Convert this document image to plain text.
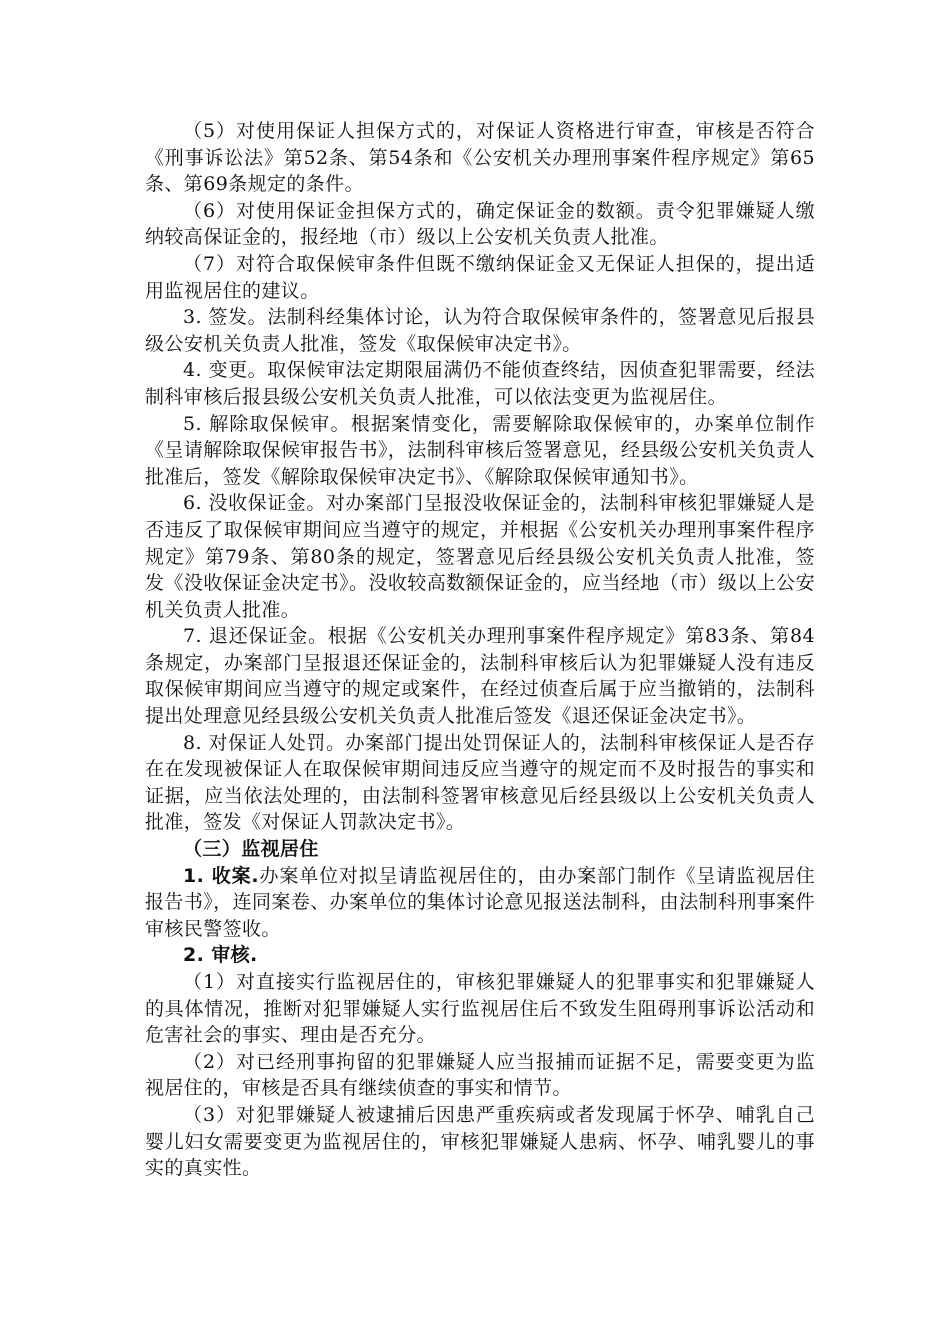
（5）对使用保证人担保方式的，对保证人资格进行审查，审核是否符合《刑事诉讼法》第52条、第54条和《公安机关办理刑事案件程序规定》第65条、第69条规定的条件。

（6）对使用保证金担保方式的，确定保证金的数额。责令犯罪嫌疑人缴纳较高保证金的，报经地（市）级以上公安机关负责人批准。

（7）对符合取保候审条件但既不缴纳保证金又无保证人担保的，提出适用监视居住的建议。

3. 签发。法制科经集体讨论，认为符合取保候审条件的，签署意见后报县级公安机关负责人批准，签发《取保候审决定书》。

4. 变更。取保候审法定期限届满仍不能侦查终结，因侦查犯罪需要，经法制科审核后报县级公安机关负责人批准，可以依法变更为监视居住。

5. 解除取保候审。根据案情变化，需要解除取保候审的，办案单位制作《呈请解除取保候审报告书》，法制科审核后签署意见，经县级公安机关负责人批准后，签发《解除取保候审决定书》、《解除取保候审通知书》。

6. 没收保证金。对办案部门呈报没收保证金的，法制科审核犯罪嫌疑人是否违反了取保候审期间应当遵守的规定，并根据《公安机关办理刑事案件程序规定》第79条、第80条的规定，签署意见后经县级公安机关负责人批准，签发《没收保证金决定书》。没收较高数额保证金的，应当经地（市）级以上公安机关负责人批准。

7. 退还保证金。根据《公安机关办理刑事案件程序规定》第83条、第84条规定，办案部门呈报退还保证金的，法制科审核后认为犯罪嫌疑人没有违反取保候审期间应当遵守的规定或案件，在经过侦查后属于应当撤销的，法制科提出处理意见经县级公安机关负责人批准后签发《退还保证金决定书》。

8. 对保证人处罚。办案部门提出处罚保证人的，法制科审核保证人是否存在在发现被保证人在取保候审期间违反应当遵守的规定而不及时报告的事实和证据，应当依法处理的，由法制科签署审核意见后经县级以上公安机关负责人批准，签发《对保证人罚款决定书》。

（三）监视居住

1. 收案.办案单位对拟呈请监视居住的，由办案部门制作《呈请监视居住报告书》，连同案卷、办案单位的集体讨论意见报送法制科，由法制科刑事案件审核民警签收。

2. 审核.

（1）对直接实行监视居住的，审核犯罪嫌疑人的犯罪事实和犯罪嫌疑人的具体情况，推断对犯罪嫌疑人实行监视居住后不致发生阻碍刑事诉讼活动和危害社会的事实、理由是否充分。

（2）对已经刑事拘留的犯罪嫌疑人应当报捕而证据不足，需要变更为监视居住的，审核是否具有继续侦查的事实和情节。

（3）对犯罪嫌疑人被逮捕后因患严重疾病或者发现属于怀孕、哺乳自己婴儿妇女需要变更为监视居住的，审核犯罪嫌疑人患病、怀孕、哺乳婴儿的事实的真实性。
